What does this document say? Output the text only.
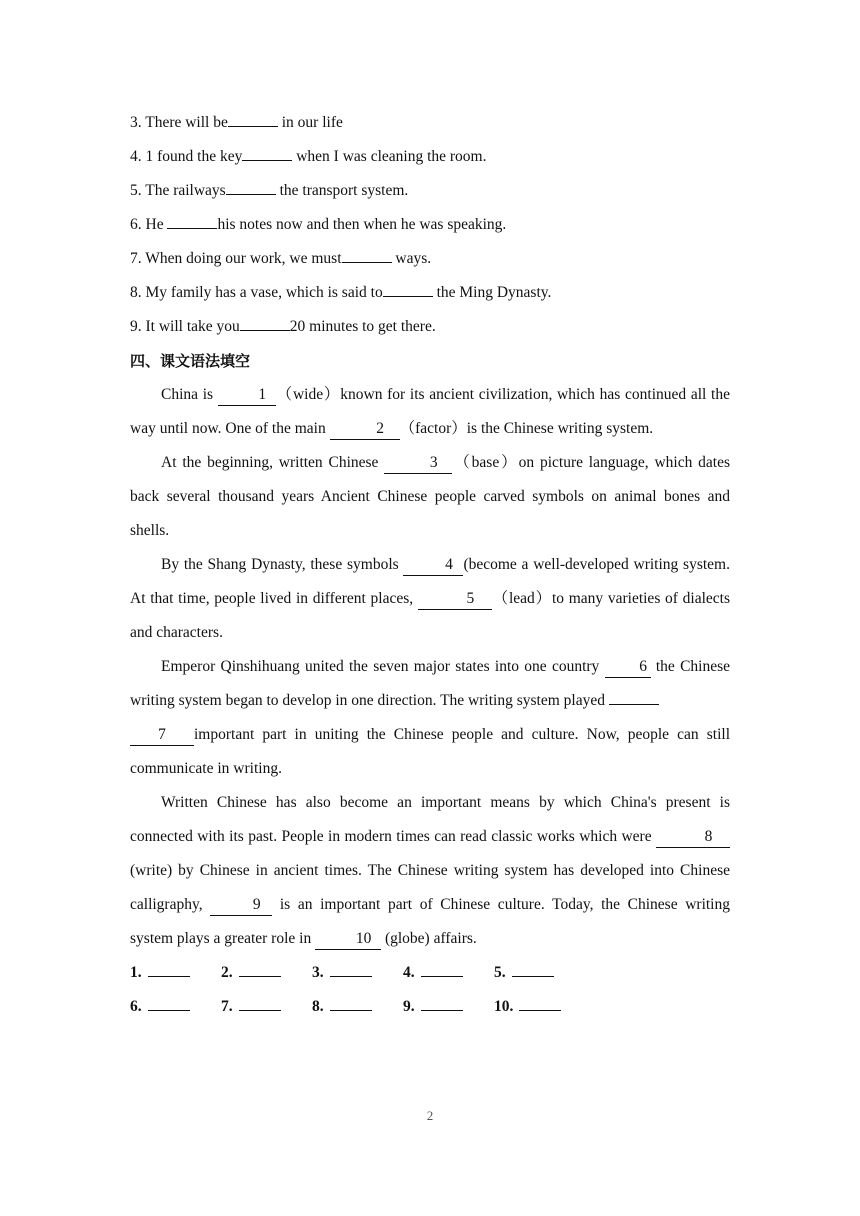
3. There will be	in our life
4. 1 found the key	when I was cleaning the room.
5. The railways	the transport system.
6. He	his notes now and then when he was speaking.
7. When doing our work, we must	ways.
8. My family has a vase, which is said to	the Ming Dynasty.
9. It will take you	20 minutes to get there.
四、课文语法填空

China is	1 （wide）known for its ancient civilization, which has continued all the way until now. One of the main	2 （factor）is the Chinese writing system.

At the beginning, written Chinese	3 （base）on picture language, which dates back several thousand years Ancient Chinese people carved symbols on animal bones and shells.

By the Shang Dynasty, these symbols	4 (become a well-developed writing system. At that time, people lived in different places,	5 （lead）to many varieties of dialects and characters.

Emperor Qinshihuang united the seven major states into one country 6 the Chinese writing system began to develop in one direction. The writing system played

7 important part in uniting the Chinese people and culture. Now, people can still communicate in writing.

Written Chinese has also become an important means by which China's present is connected with its past. People in modern times can read classic works which were	8(write) by Chinese in ancient times. The Chinese writing system has developed into Chinese calligraphy,	9 is an important part of Chinese culture. Today, the Chinese writing system plays a greater role in	10 (globe) affairs.

1.	2.	3.	4.	5.
6.	7.	8.	9.	10.
2
